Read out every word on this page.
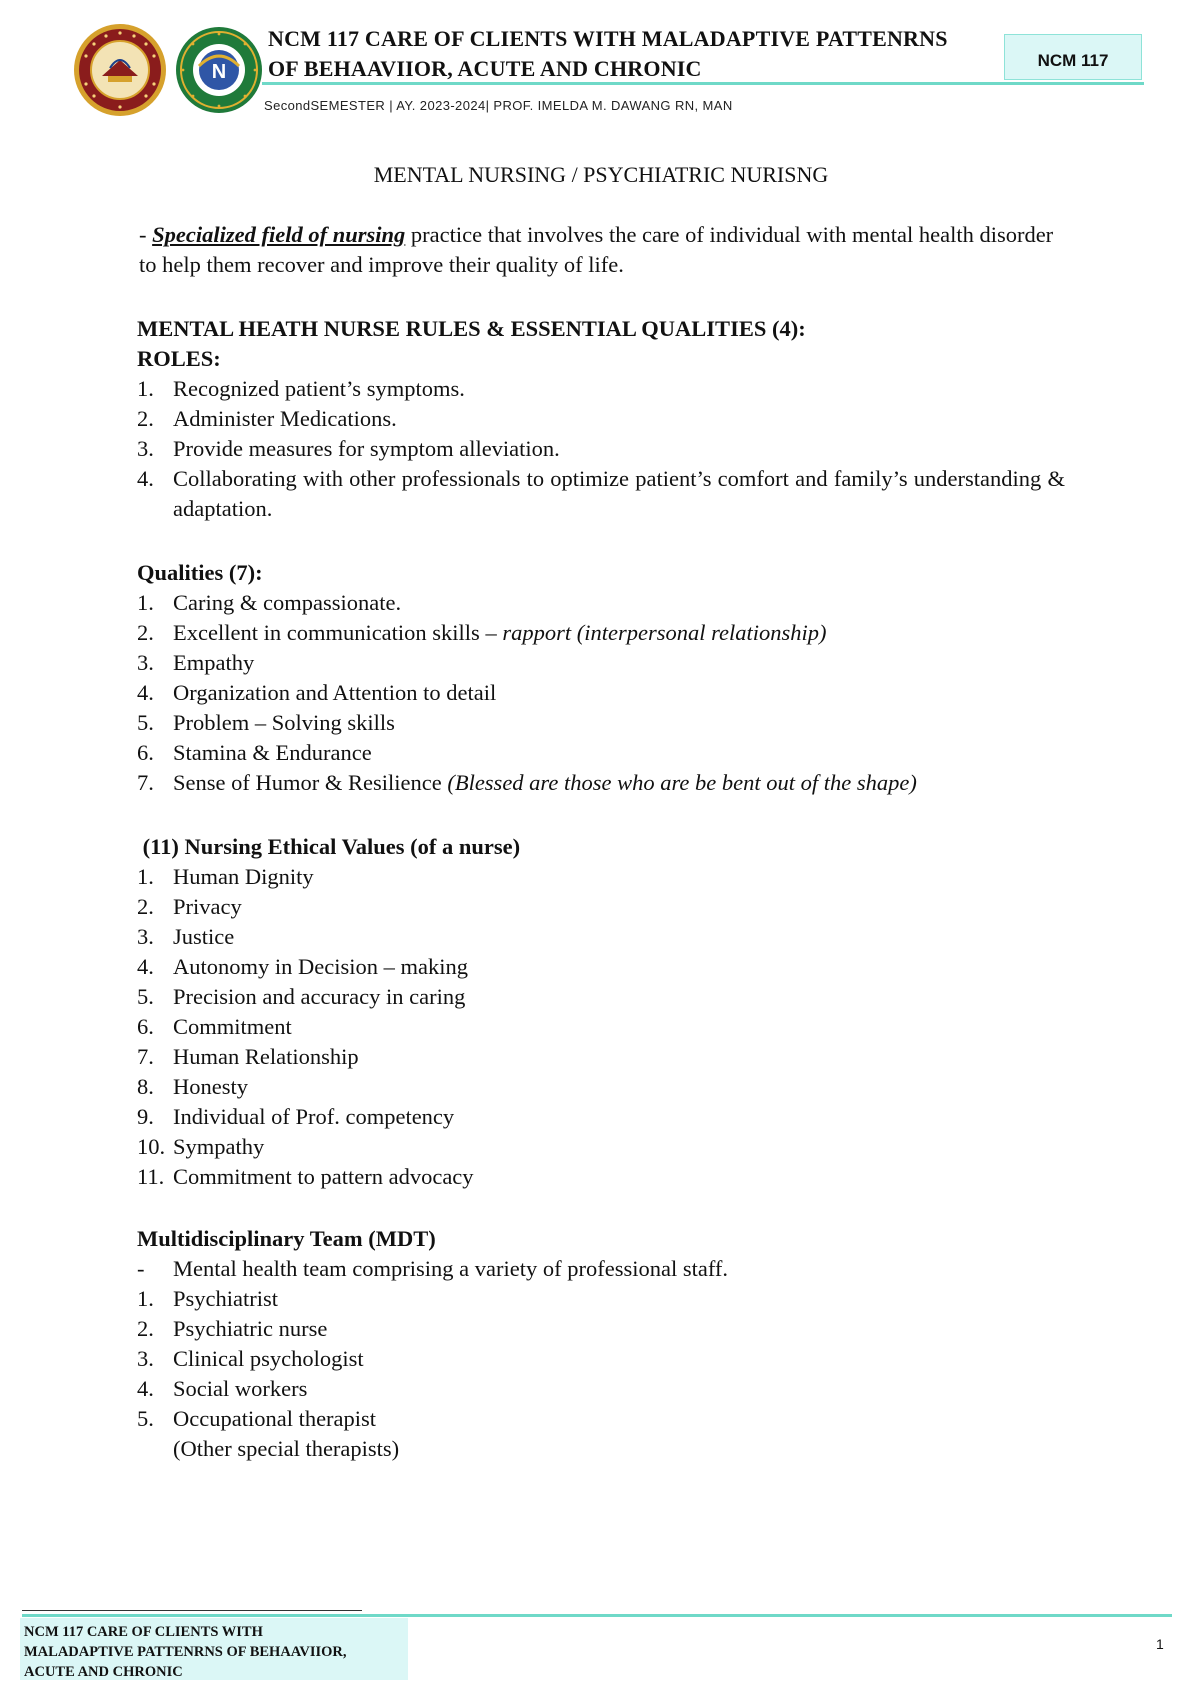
N
NCM 117 CARE OF CLIENTS WITH MALADAPTIVE PATTENRNS
OF BEHAAVIIOR, ACUTE AND CHRONIC	NCM 117
SecondSEMESTER | AY. 2023-2024| PROF. IMELDA M. DAWANG RN, MAN
MENTAL NURSING / PSYCHIATRIC NURISNG

- Specialized field of nursing practice that involves the care of individual with mental health disorder to help them recover and improve their quality of life.

MENTAL HEATH NURSE RULES & ESSENTIAL QUALITIES (4):

ROLES:

1. Recognized patient’s symptoms.
2. Administer Medications.
3. Provide measures for symptom alleviation.
4. Collaborating with other professionals to optimize patient’s comfort and family’s understanding & adaptation.

Qualities (7):

1. Caring & compassionate.
2. Excellent in communication skills – rapport (interpersonal relationship)
3. Empathy
4. Organization and Attention to detail
5. Problem – Solving skills
6. Stamina & Endurance
7. Sense of Humor & Resilience (Blessed are those who are be bent out of the shape)

(11) Nursing Ethical Values (of a nurse)

1. Human Dignity
2. Privacy
3. Justice
4. Autonomy in Decision – making
5. Precision and accuracy in caring
6. Commitment
7. Human Relationship
8. Honesty
9. Individual of Prof. competency
10. Sympathy
11. Commitment to pattern advocacy

Multidisciplinary Team (MDT)

-	Mental health team comprising a variety of professional staff.
1. Psychiatrist
2. Psychiatric nurse
3. Clinical psychologist
4. Social workers
5. Occupational therapist
(Other special therapists)
NCM 117 CARE OF CLIENTS WITH
MALADAPTIVE PATTENRNS OF BEHAAVIIOR,
ACUTE AND CHRONIC
1
